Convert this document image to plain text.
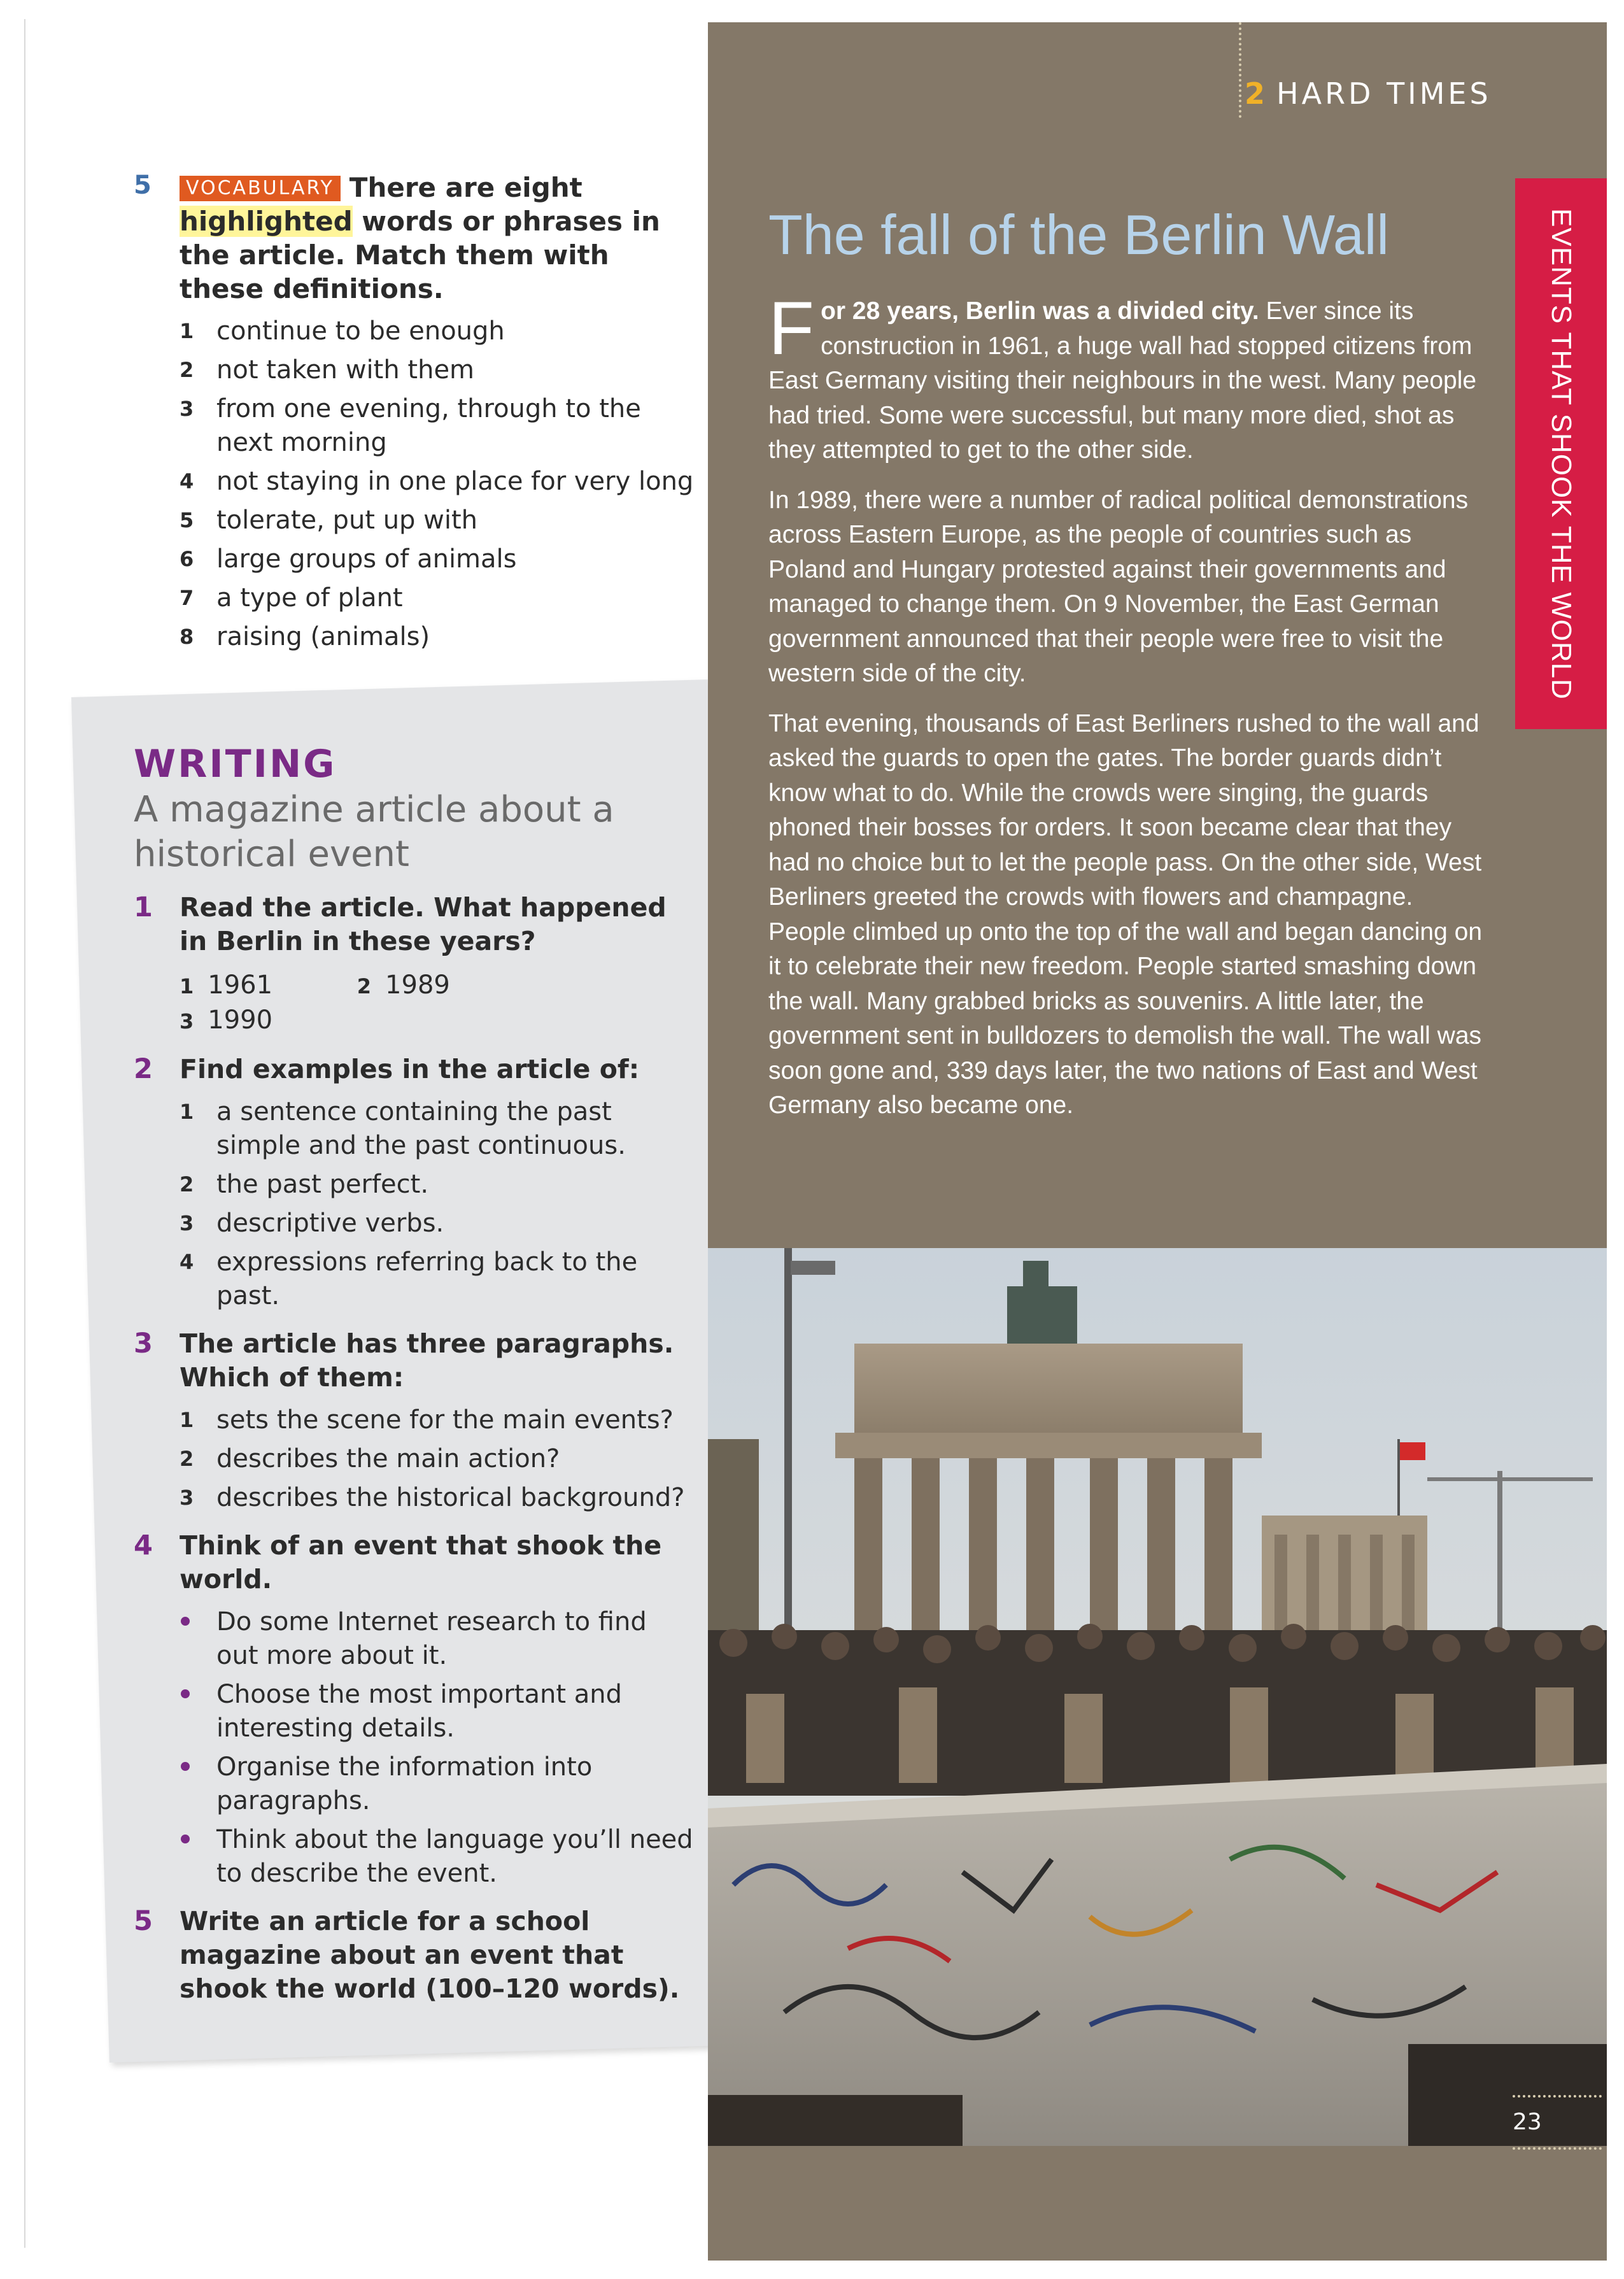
5	VOCABULARY There are eight highlighted words or phrases in the article. Match them with these definitions.
1 continue to be enough
2 not taken with them
3 from one evening, through to the next morning
4 not staying in one place for very long
5 tolerate, put up with
6 large groups of animals
7 a type of plant
8 raising (animals)
WRITING
A magazine article about a historical event
1 Read the article. What happened in Berlin in these years?
1 1961	2 1989 3 1990
2 Find examples in the article of:
1 a sentence containing the past simple and the past continuous.
2 the past perfect.
3 descriptive verbs.
4 expressions referring back to the past.
3 The article has three paragraphs. Which of them:
1 sets the scene for the main events?
2 describes the main action?
3 describes the historical background?
4 Think of an event that shook the world.
Do some Internet research to find out more about it.
Choose the most important and interesting details.
Organise the information into paragraphs.
Think about the language you’ll need to describe the event.
5 Write an article for a school magazine about an event that shook the world (100–120 words).
2 HARD TIMES
EVENTS THAT SHOOK THE WORLD
The fall of the Berlin Wall

For 28 years, Berlin was a divided city. Ever since its construction in 1961, a huge wall had stopped citizens from East Germany visiting their neighbours in the west. Many people had tried. Some were successful, but many more died, shot as they attempted to get to the other side.

In 1989, there were a number of radical political demonstrations across Eastern Europe, as the people of countries such as Poland and Hungary protested against their governments and managed to change them. On 9 November, the East German government announced that their people were free to visit the western side of the city.

That evening, thousands of East Berliners rushed to the wall and asked the guards to open the gates. The border guards didn’t know what to do. While the crowds were singing, the guards phoned their bosses for orders. It soon became clear that they had no choice but to let the people pass. On the other side, West Berliners greeted the crowds with flowers and champagne. People climbed up onto the top of the wall and began dancing on it to celebrate their new freedom. People started smashing down the wall. Many grabbed bricks as souvenirs. A little later, the government sent in bulldozers to demolish the wall. The wall was soon gone and, 339 days later, the two nations of East and West Germany also became one.

23
